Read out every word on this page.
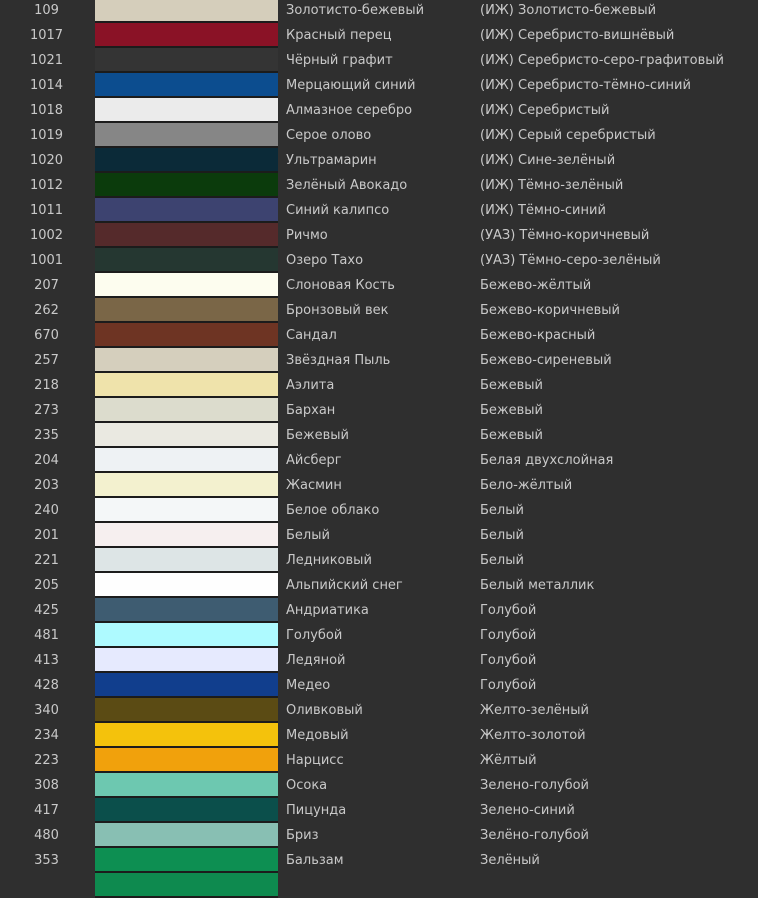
109	Золотисто-бежевый	(ИЖ) Золотисто-бежевый
1017	Красный перец	(ИЖ) Серебристо-вишнёвый
1021	Чёрный графит	(ИЖ) Серебристо-серо-графитовый
1014	Мерцающий синий	(ИЖ) Серебристо-тёмно-синий
1018	Алмазное серебро	(ИЖ) Серебристый
1019	Серое олово	(ИЖ) Серый серебристый
1020	Ультрамарин	(ИЖ) Сине-зелёный
1012	Зелёный Авокадо	(ИЖ) Тёмно-зелёный
1011	Синий калипсо	(ИЖ) Тёмно-синий
1002	Ричмо	(УАЗ) Тёмно-коричневый
1001	Озеро Тахо	(УАЗ) Тёмно-серо-зелёный
207	Слоновая Кость	Бежево-жёлтый
262	Бронзовый век	Бежево-коричневый
670	Сандал	Бежево-красный
257	Звёздная Пыль	Бежево-сиреневый
218	Аэлита	Бежевый
273	Бархан	Бежевый
235	Бежевый	Бежевый
204	Айсберг	Белая двухслойная
203	Жасмин	Бело-жёлтый
240	Белое облако	Белый
201	Белый	Белый
221	Ледниковый	Белый
205	Альпийский снег	Белый металлик
425	Андриатика	Голубой
481	Голубой	Голубой
413	Ледяной	Голубой
428	Медео	Голубой
340	Оливковый	Желто-зелёный
234	Медовый	Желто-золотой
223	Нарцисс	Жёлтый
308	Осока	Зелено-голубой
417	Пицунда	Зелено-синий
480	Бриз	Зелёно-голубой
353	Бальзам	Зелёный
